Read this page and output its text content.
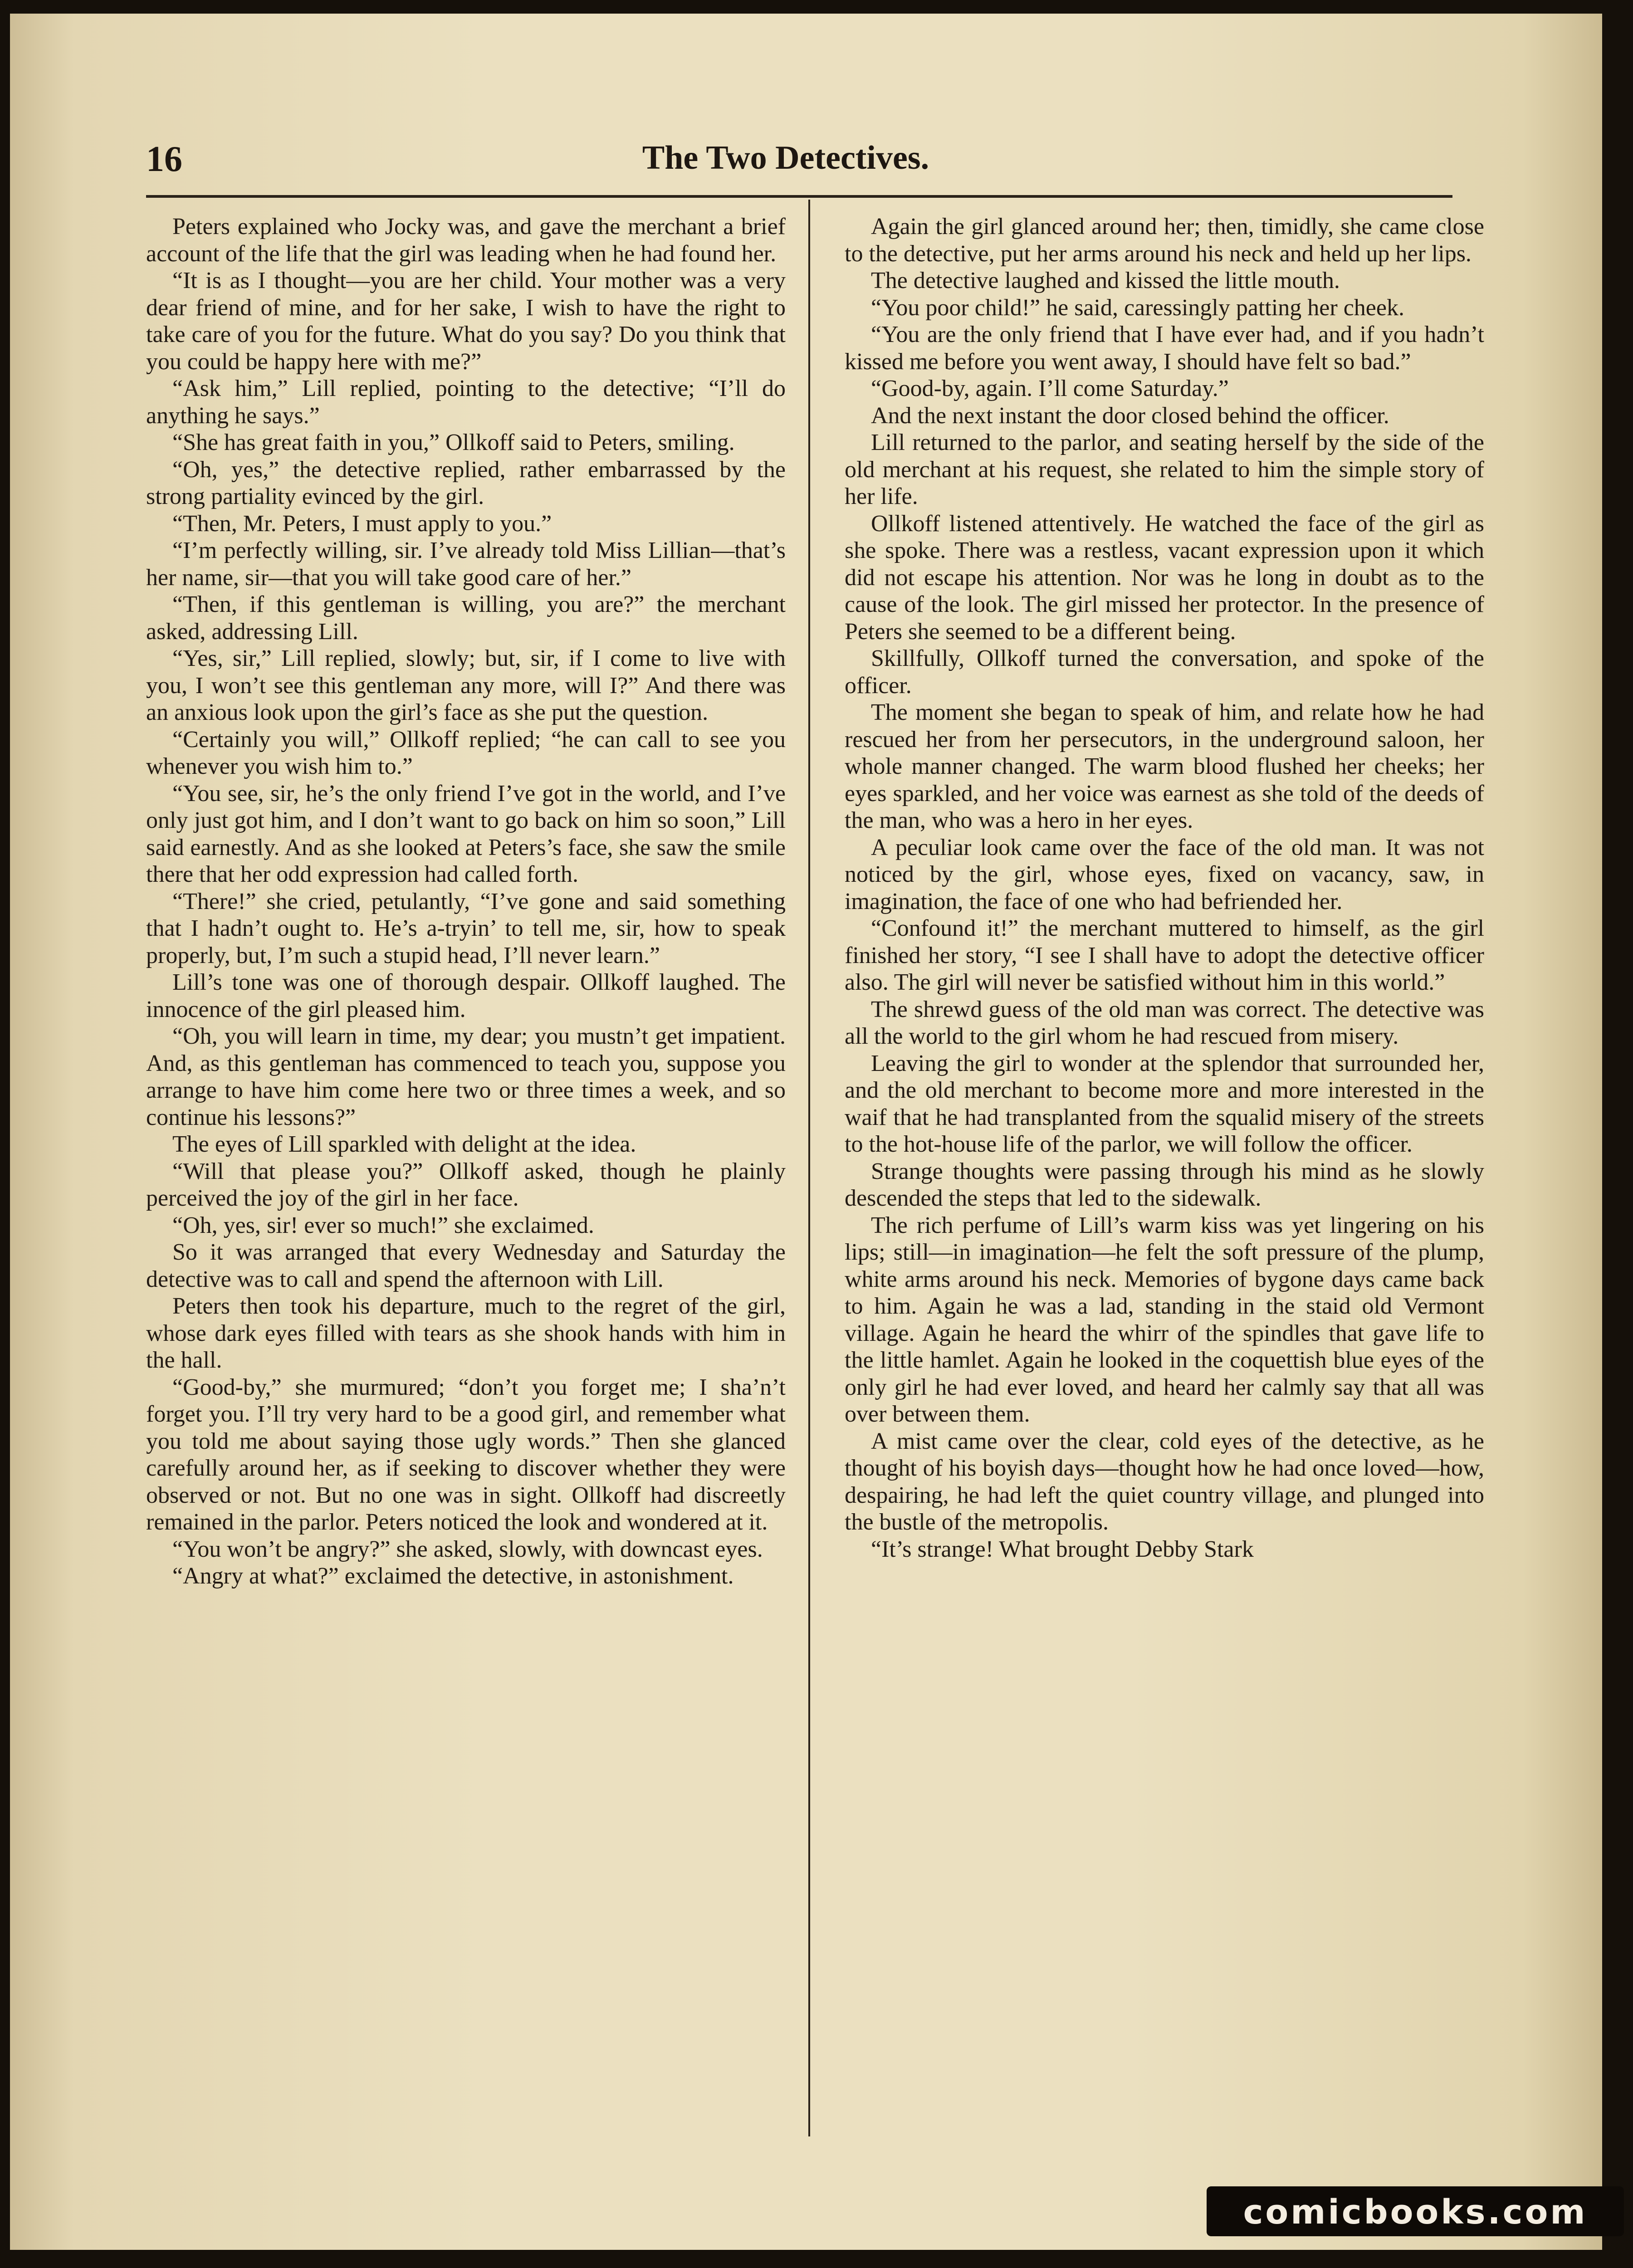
16	The Two Detectives.

Peters explained who Jocky was, and gave the merchant a brief account of the life that the girl was leading when he had found her.

“It is as I thought—you are her child. Your mother was a very dear friend of mine, and for her sake, I wish to have the right to take care of you for the future. What do you say? Do you think that you could be happy here with me?”

“Ask him,” Lill replied, pointing to the detective; “I’ll do anything he says.”

“She has great faith in you,” Ollkoff said to Peters, smiling.

“Oh, yes,” the detective replied, rather embarrassed by the strong partiality evinced by the girl.

“Then, Mr. Peters, I must apply to you.”

“I’m perfectly willing, sir. I’ve already told Miss Lillian—that’s her name, sir—that you will take good care of her.”

“Then, if this gentleman is willing, you are?” the merchant asked, addressing Lill.

“Yes, sir,” Lill replied, slowly; but, sir, if I come to live with you, I won’t see this gentleman any more, will I?” And there was an anxious look upon the girl’s face as she put the question.

“Certainly you will,” Ollkoff replied; “he can call to see you whenever you wish him to.”

“You see, sir, he’s the only friend I’ve got in the world, and I’ve only just got him, and I don’t want to go back on him so soon,” Lill said earnestly. And as she looked at Peters’s face, she saw the smile there that her odd expression had called forth.

“There!” she cried, petulantly, “I’ve gone and said something that I hadn’t ought to. He’s a-tryin’ to tell me, sir, how to speak properly, but, I’m such a stupid head, I’ll never learn.”

Lill’s tone was one of thorough despair. Ollkoff laughed. The innocence of the girl pleased him.

“Oh, you will learn in time, my dear; you mustn’t get impatient. And, as this gentleman has commenced to teach you, suppose you arrange to have him come here two or three times a week, and so continue his lessons?”

The eyes of Lill sparkled with delight at the idea.

“Will that please you?” Ollkoff asked, though he plainly perceived the joy of the girl in her face.

“Oh, yes, sir! ever so much!” she exclaimed.

So it was arranged that every Wednesday and Saturday the detective was to call and spend the afternoon with Lill.

Peters then took his departure, much to the regret of the girl, whose dark eyes filled with tears as she shook hands with him in the hall.

“Good-by,” she murmured; “don’t you forget me; I sha’n’t forget you. I’ll try very hard to be a good girl, and remember what you told me about saying those ugly words.” Then she glanced carefully around her, as if seeking to discover whether they were observed or not. But no one was in sight. Ollkoff had discreetly remained in the parlor. Peters noticed the look and wondered at it.

“You won’t be angry?” she asked, slowly, with downcast eyes.

“Angry at what?” exclaimed the detective, in astonishment.

Again the girl glanced around her; then, timidly, she came close to the detective, put her arms around his neck and held up her lips.

The detective laughed and kissed the little mouth.

“You poor child!” he said, caressingly patting her cheek.

“You are the only friend that I have ever had, and if you hadn’t kissed me before you went away, I should have felt so bad.”

“Good-by, again. I’ll come Saturday.”

And the next instant the door closed behind the officer.

Lill returned to the parlor, and seating herself by the side of the old merchant at his request, she related to him the simple story of her life.

Ollkoff listened attentively. He watched the face of the girl as she spoke. There was a restless, vacant expression upon it which did not escape his attention. Nor was he long in doubt as to the cause of the look. The girl missed her protector. In the presence of Peters she seemed to be a different being.

Skillfully, Ollkoff turned the conversation, and spoke of the officer.

The moment she began to speak of him, and relate how he had rescued her from her persecutors, in the underground saloon, her whole manner changed. The warm blood flushed her cheeks; her eyes sparkled, and her voice was earnest as she told of the deeds of the man, who was a hero in her eyes.

A peculiar look came over the face of the old man. It was not noticed by the girl, whose eyes, fixed on vacancy, saw, in imagination, the face of one who had befriended her.

“Confound it!” the merchant muttered to himself, as the girl finished her story, “I see I shall have to adopt the detective officer also. The girl will never be satisfied without him in this world.”

The shrewd guess of the old man was correct. The detective was all the world to the girl whom he had rescued from misery.

Leaving the girl to wonder at the splendor that surrounded her, and the old merchant to become more and more interested in the waif that he had transplanted from the squalid misery of the streets to the hot-house life of the parlor, we will follow the officer.

Strange thoughts were passing through his mind as he slowly descended the steps that led to the sidewalk.

The rich perfume of Lill’s warm kiss was yet lingering on his lips; still—in imagination—he felt the soft pressure of the plump, white arms around his neck. Memories of bygone days came back to him. Again he was a lad, standing in the staid old Vermont village. Again he heard the whirr of the spindles that gave life to the little hamlet. Again he looked in the coquettish blue eyes of the only girl he had ever loved, and heard her calmly say that all was over between them.

A mist came over the clear, cold eyes of the detective, as he thought of his boyish days—thought how he had once loved—how, despairing, he had left the quiet country village, and plunged into the bustle of the metropolis.

“It’s strange! What brought Debby Stark

comicbooks.com
